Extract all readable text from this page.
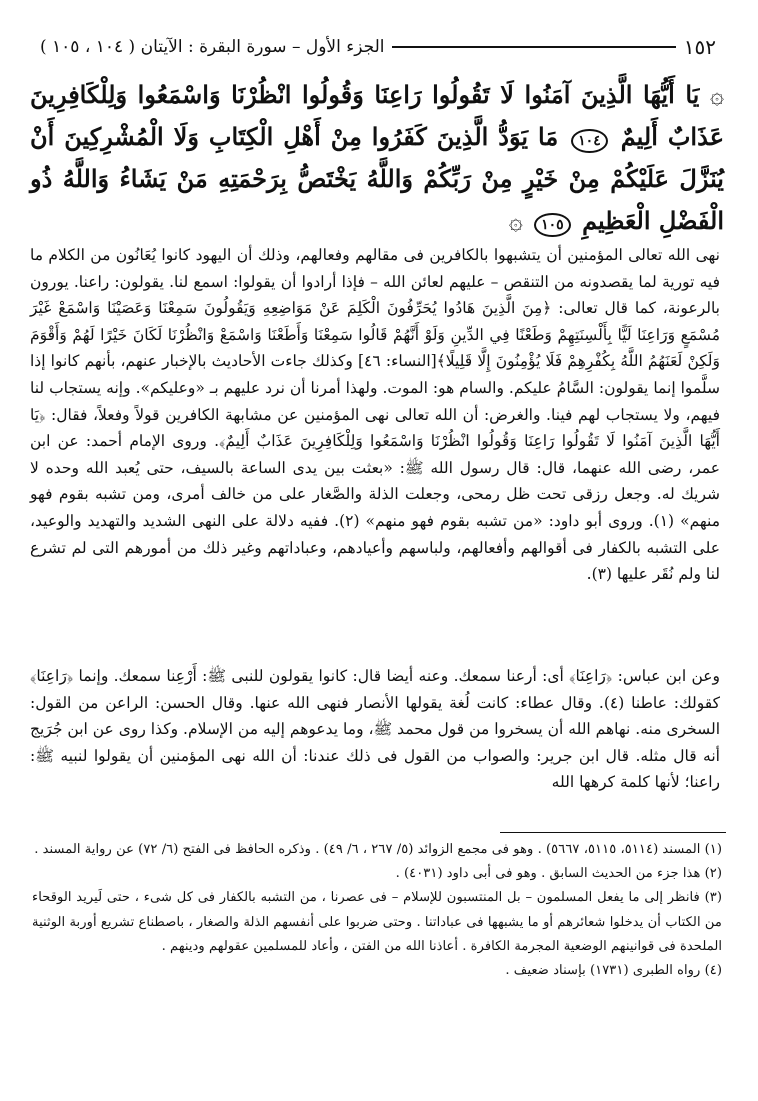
١٥٢
الجزء الأول – سورة البقرة : الآيتان ( ١٠٤ ، ١٠٥ )
۞ يَا أَيُّهَا الَّذِينَ آمَنُوا لَا تَقُولُوا رَاعِنَا وَقُولُوا انْظُرْنَا وَاسْمَعُوا وَلِلْكَافِرِينَ عَذَابٌ أَلِيمٌ ١٠٤ مَا يَوَدُّ الَّذِينَ كَفَرُوا مِنْ أَهْلِ الْكِتَابِ وَلَا الْمُشْرِكِينَ أَنْ يُنَزَّلَ عَلَيْكُمْ مِنْ خَيْرٍ مِنْ رَبِّكُمْ وَاللَّهُ يَخْتَصُّ بِرَحْمَتِهِ مَنْ يَشَاءُ وَاللَّهُ ذُو الْفَضْلِ الْعَظِيمِ ١٠٥ ۞

نهى الله تعالى المؤمنين أن يتشبهوا بالكافرين فى مقالهم وفعالهم، وذلك أن اليهود كانوا يُعَانُون من الكلام ما فيه تورية لما يقصدونه من التنقص – عليهم لعائن الله – فإذا أرادوا أن يقولوا: اسمع لنا. يقولون: راعنا. يورون بالرعونة، كما قال تعالى: ﴿مِنَ الَّذِينَ هَادُوا يُحَرِّفُونَ الْكَلِمَ عَنْ مَوَاضِعِهِ وَيَقُولُونَ سَمِعْنَا وَعَصَيْنَا وَاسْمَعْ غَيْرَ مُسْمَعٍ وَرَاعِنَا لَيًّا بِأَلْسِنَتِهِمْ وَطَعْنًا فِي الدِّينِ وَلَوْ أَنَّهُمْ قَالُوا سَمِعْنَا وَأَطَعْنَا وَاسْمَعْ وَانْظُرْنَا لَكَانَ خَيْرًا لَهُمْ وَأَقْوَمَ وَلَكِنْ لَعَنَهُمُ اللَّهُ بِكُفْرِهِمْ فَلَا يُؤْمِنُونَ إِلَّا قَلِيلًا﴾[النساء: ٤٦] وكذلك جاءت الأحاديث بالإخبار عنهم، بأنهم كانوا إذا سلَّموا إنما يقولون: السَّامُ عليكم. والسام هو: الموت. ولهذا أمرنا أن نرد عليهم بـ «وعليكم». وإنه يستجاب لنا فيهم، ولا يستجاب لهم فينا. والغرض: أن الله تعالى نهى المؤمنين عن مشابهة الكافرين قولاً وفعلاً، فقال: ﴿يَا أَيُّهَا الَّذِينَ آمَنُوا لَا تَقُولُوا رَاعِنَا وَقُولُوا انْظُرْنَا وَاسْمَعُوا وَلِلْكَافِرِينَ عَذَابٌ أَلِيمٌ﴾. وروى الإمام أحمد: عن ابن عمر، رضى الله عنهما، قال: قال رسول الله ﷺ: «بعثت بين يدى الساعة بالسيف، حتى يُعبد الله وحده لا شريك له. وجعل رزقى تحت ظل رمحى، وجعلت الذلة والصَّغار على من خالف أمرى، ومن تشبه بقوم فهو منهم» (١). وروى أبو داود: «من تشبه بقوم فهو منهم» (٢). ففيه دلالة على النهى الشديد والتهديد والوعيد، على التشبه بالكفار فى أقوالهم وأفعالهم، ولباسهم وأعيادهم، وعباداتهم وغير ذلك من أمورهم التى لم تشرع لنا ولم نُقَر عليها (٣).

وعن ابن عباس: ﴿رَاعِنَا﴾ أى: أرعنا سمعك. وعنه أيضا قال: كانوا يقولون للنبى ﷺ: أَرْعِنا سمعك. وإنما ﴿رَاعِنَا﴾ كقولك: عاطنا (٤). وقال عطاء: كانت لُغة يقولها الأنصار فنهى الله عنها. وقال الحسن: الراعن من القول: السخرى منه. نهاهم الله أن يسخروا من قول محمد ﷺ، وما يدعوهم إليه من الإسلام. وكذا روى عن ابن جُرَيج أنه قال مثله. قال ابن جرير: والصواب من القول فى ذلك عندنا: أن الله نهى المؤمنين أن يقولوا لنبيه ﷺ: راعنا؛ لأنها كلمة كرهها الله

(١) المسند (٥١١٤، ٥١١٥، ٥٦٦٧) . وهو فى مجمع الزوائد (٥/ ٢٦٧ ، ٦/ ٤٩) . وذكره الحافظ فى الفتح (٦/ ٧٢) عن رواية المسند .

(٢) هذا جزء من الحديث السابق . وهو فى أبى داود (٤٠٣١) .

(٣) فانظر إلى ما يفعل المسلمون – بل المنتسبون للإسلام – فى عصرنا ، من التشبه بالكفار فى كل شىء ، حتى لَيريد الوقحاء من الكتاب أن يدخلوا شعائرهم أو ما يشبهها فى عباداتنا . وحتى ضربوا على أنفسهم الذلة والصغار ، باصطناع تشريع أوربة الوثنية الملحدة فى قوانينهم الوضعية المجرمة الكافرة . أعاذنا الله من الفتن ، وأعاد للمسلمين عقولهم ودينهم .

(٤) رواه الطبرى (١٧٣١) بإسناد ضعيف .
